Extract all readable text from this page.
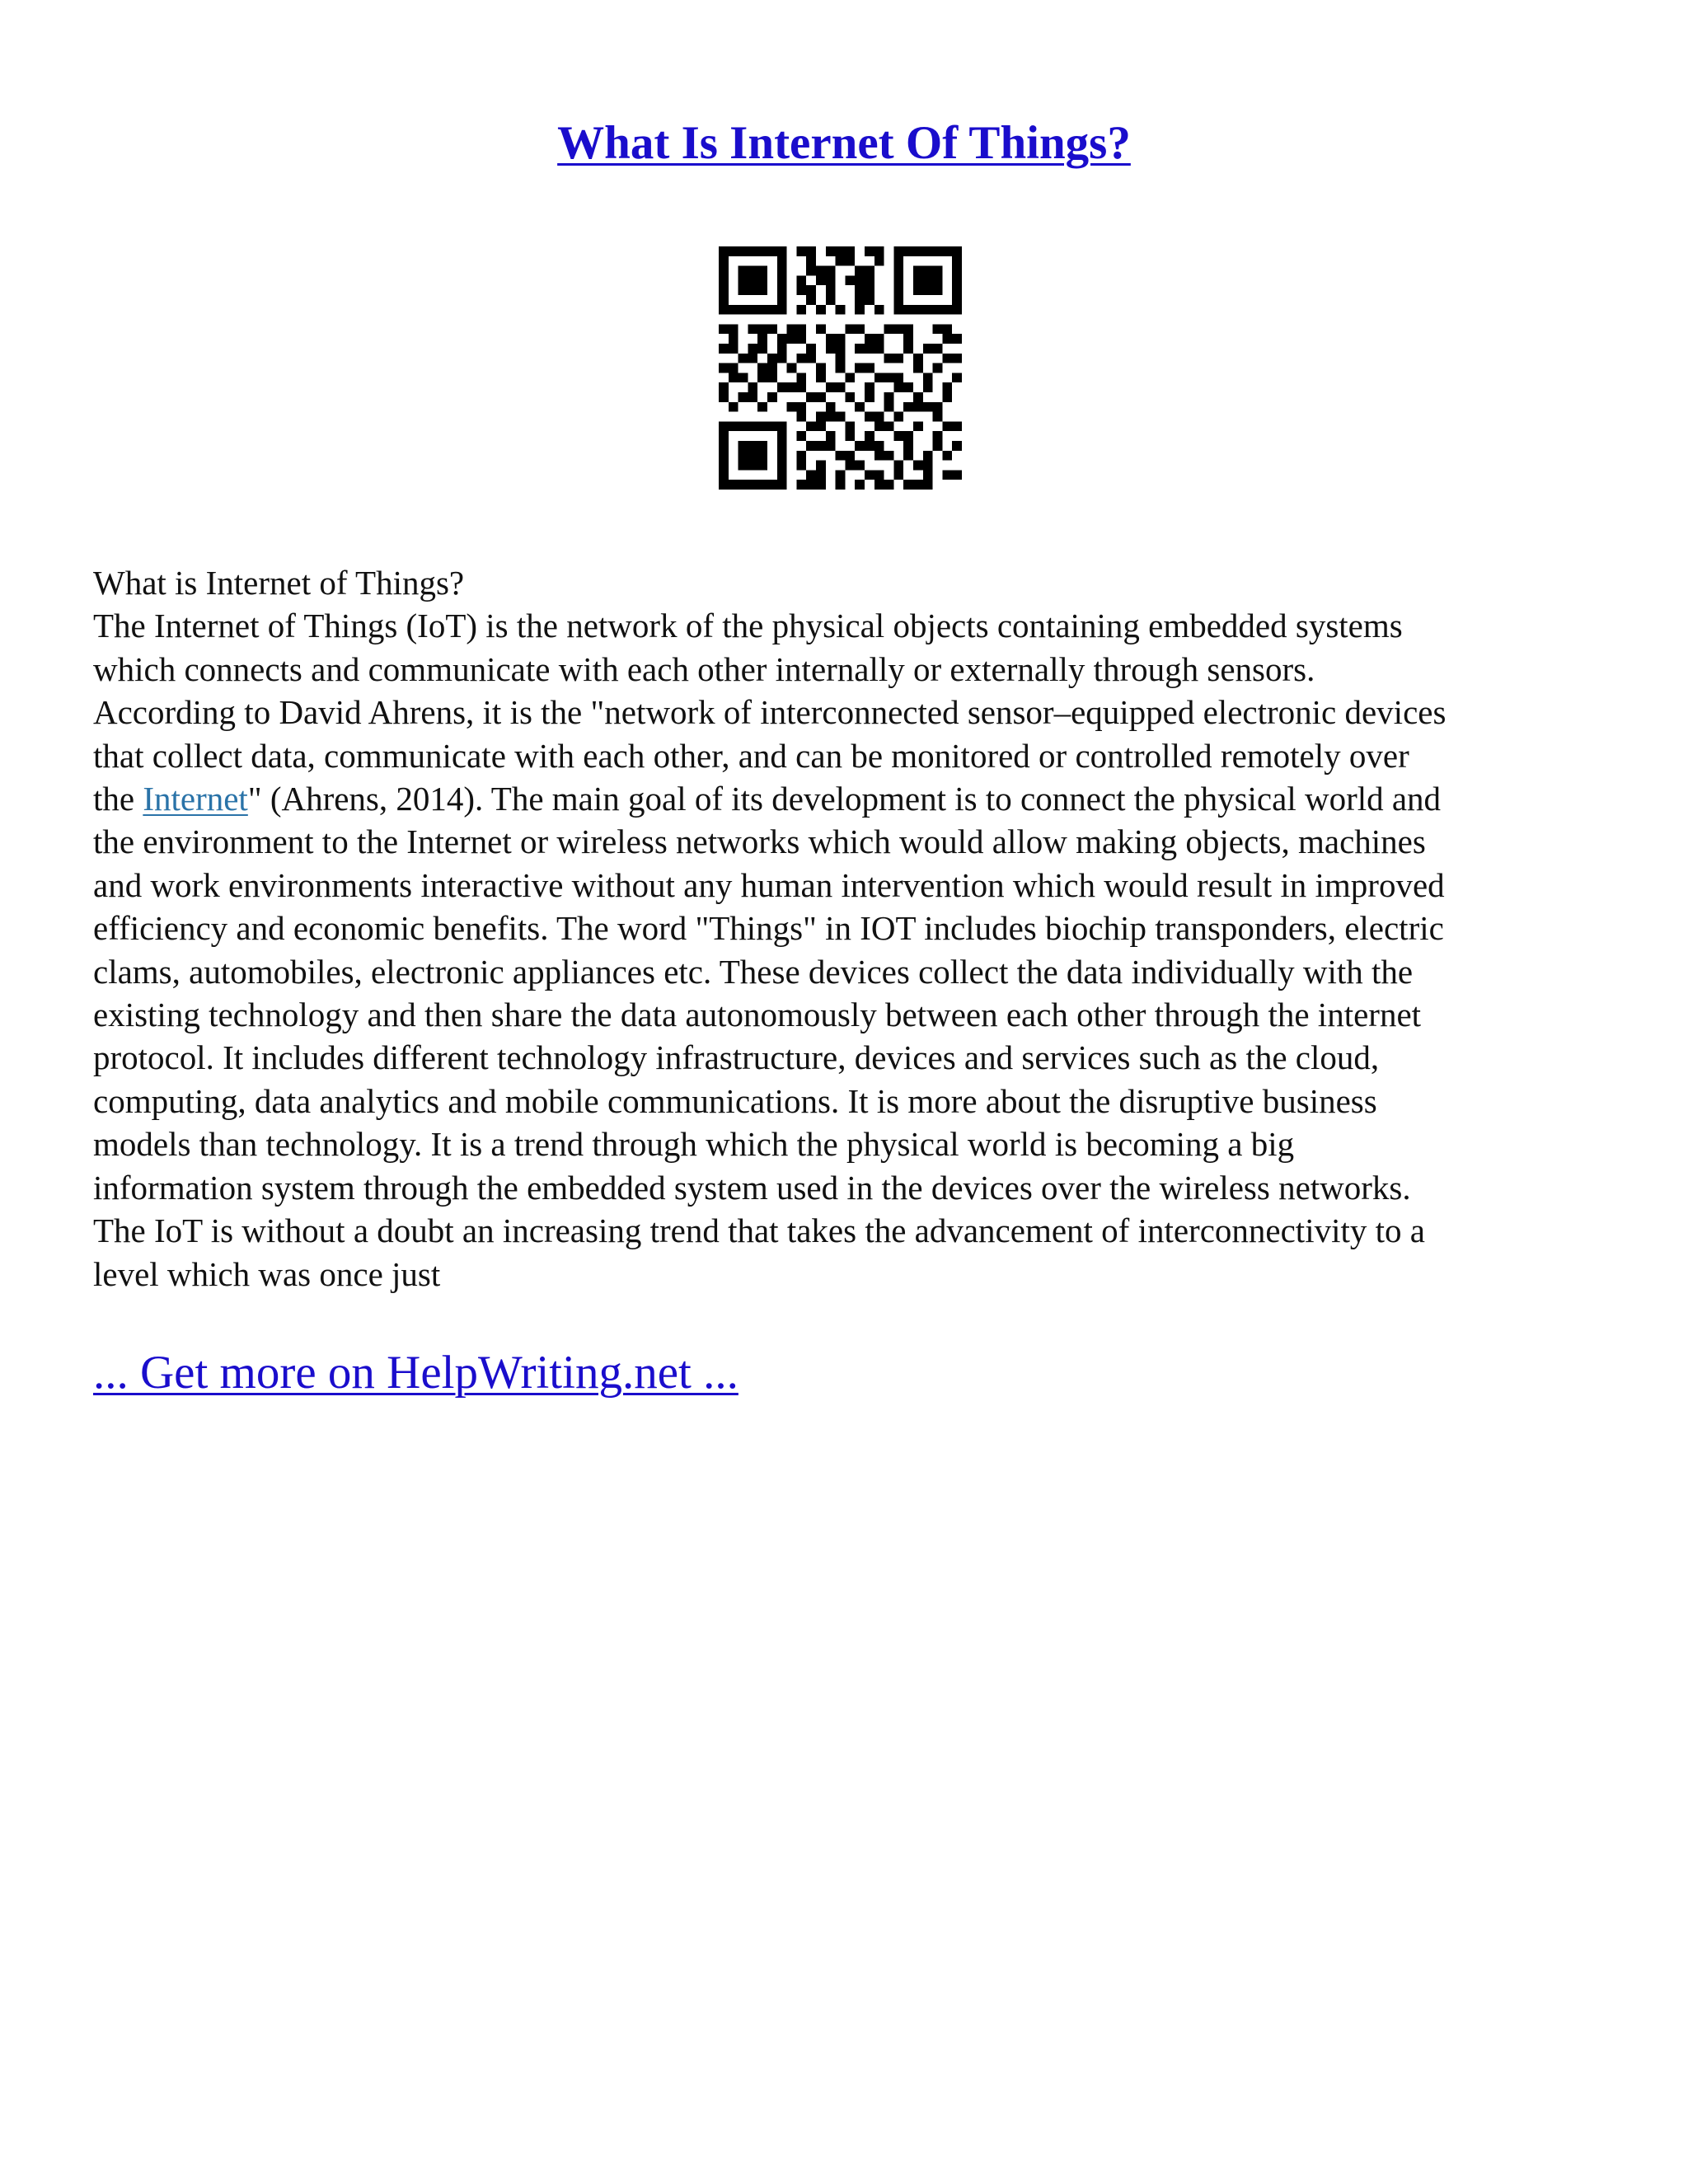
What Is Internet Of Things?
What is Internet of Things?
The Internet of Things (IoT) is the network of the physical objects containing embedded systems
which connects and communicate with each other internally or externally through sensors.
According to David Ahrens, it is the "network of interconnected sensor–equipped electronic devices
that collect data, communicate with each other, and can be monitored or controlled remotely over
the Internet" (Ahrens, 2014). The main goal of its development is to connect the physical world and
the environment to the Internet or wireless networks which would allow making objects, machines
and work environments interactive without any human intervention which would result in improved
efficiency and economic benefits. The word "Things" in IOT includes biochip transponders, electric
clams, automobiles, electronic appliances etc. These devices collect the data individually with the
existing technology and then share the data autonomously between each other through the internet
protocol. It includes different technology infrastructure, devices and services such as the cloud,
computing, data analytics and mobile communications. It is more about the disruptive business
models than technology. It is a trend through which the physical world is becoming a big
information system through the embedded system used in the devices over the wireless networks.
The IoT is without a doubt an increasing trend that takes the advancement of interconnectivity to a
level which was once just

... Get more on HelpWriting.net ...
